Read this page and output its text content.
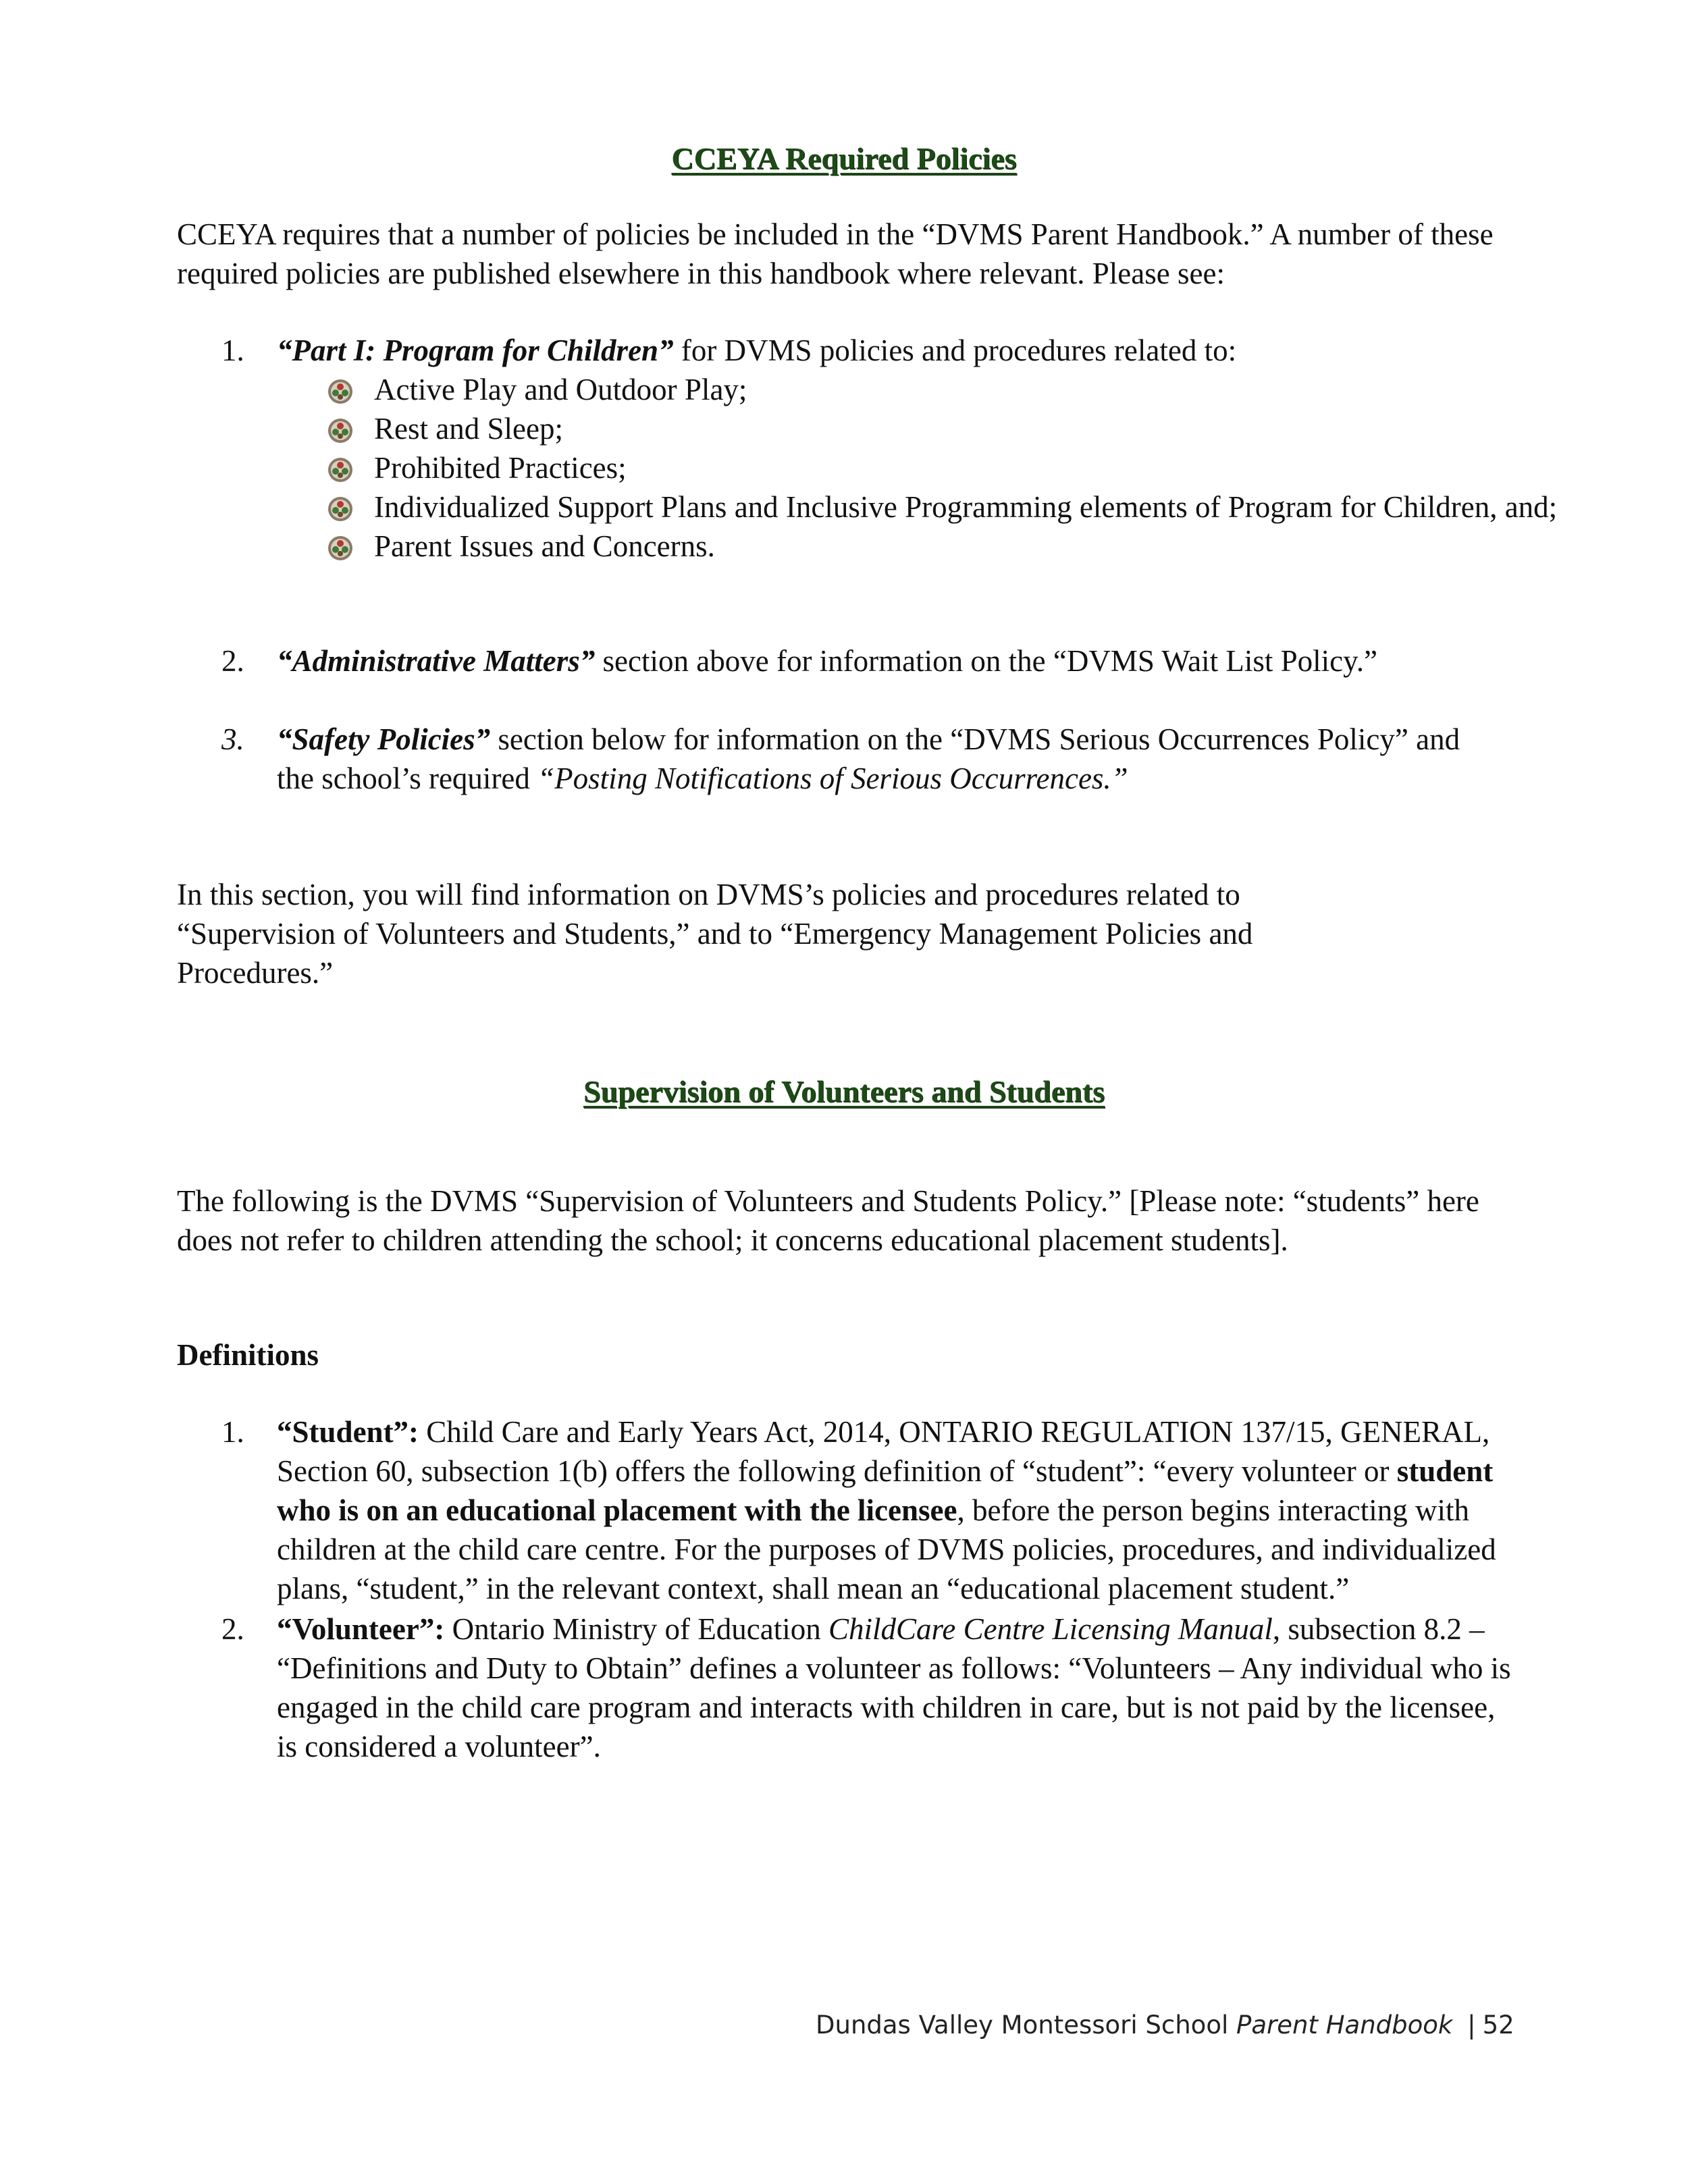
CCEYA Required Policies
CCEYA requires that a number of policies be included in the “DVMS Parent Handbook.” A number of these required policies are published elsewhere in this handbook where relevant. Please see:
1. “Part I: Program for Children” for DVMS policies and procedures related to:
Active Play and Outdoor Play;
Rest and Sleep;
Prohibited Practices;
Individualized Support Plans and Inclusive Programming elements of Program for Children, and;
Parent Issues and Concerns.
2. “Administrative Matters” section above for information on the “DVMS Wait List Policy.”
3. “Safety Policies” section below for information on the “DVMS Serious Occurrences Policy” and the school’s required “Posting Notifications of Serious Occurrences.”
In this section, you will find information on DVMS’s policies and procedures related to “Supervision of Volunteers and Students,” and to “Emergency Management Policies and Procedures.”
Supervision of Volunteers and Students
The following is the DVMS “Supervision of Volunteers and Students Policy.” [Please note: “students” here does not refer to children attending the school; it concerns educational placement students].
Definitions
1. “Student”: Child Care and Early Years Act, 2014, ONTARIO REGULATION 137/15, GENERAL, Section 60, subsection 1(b) offers the following definition of “student”: “every volunteer or student who is on an educational placement with the licensee, before the person begins interacting with children at the child care centre. For the purposes of DVMS policies, procedures, and individualized plans, “student,” in the relevant context, shall mean an “educational placement student.”
2. “Volunteer”: Ontario Ministry of Education ChildCare Centre Licensing Manual, subsection 8.2 – “Definitions and Duty to Obtain” defines a volunteer as follows: “Volunteers – Any individual who is engaged in the child care program and interacts with children in care, but is not paid by the licensee, is considered a volunteer”.
Dundas Valley Montessori School Parent Handbook | 52
